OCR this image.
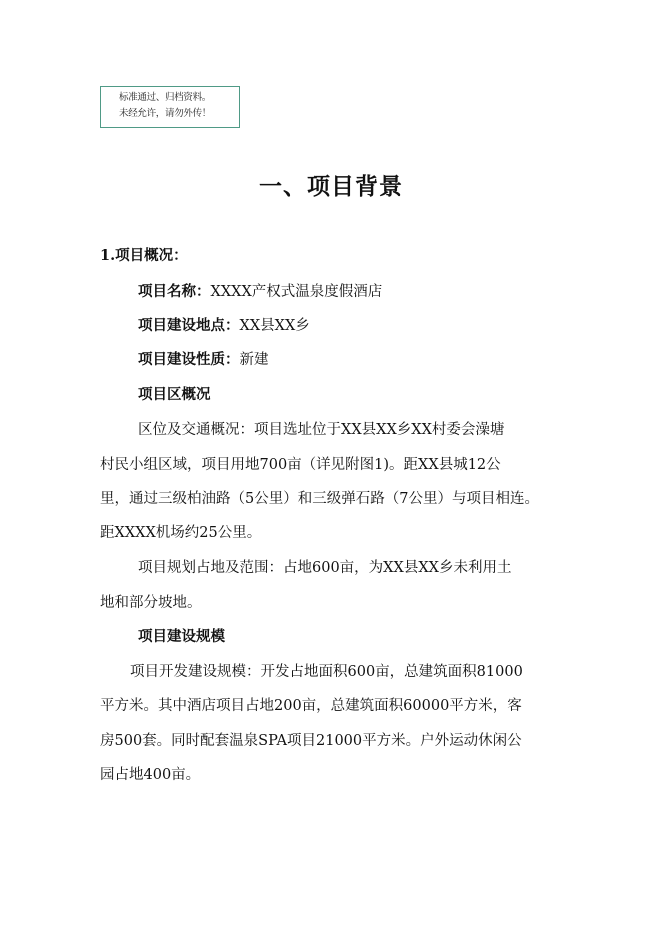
标准通过、归档资料。
未经允许，请勿外传！
一、项目背景
1.项目概况：
项目名称：XXXX产权式温泉度假酒店
项目建设地点：XX县XX乡
项目建设性质：新建
项目区概况
区位及交通概况：项目选址位于XX县XX乡XX村委会澡塘
村民小组区域，项目用地700亩（详见附图1)。距XX县城12公
里，通过三级柏油路（5公里）和三级弹石路（7公里）与项目相连。
距XXXX机场约25公里。
项目规划占地及范围：占地600亩，为XX县XX乡未利用土
地和部分坡地。
项目建设规模
项目开发建设规模：开发占地面积600亩，总建筑面积81000
平方米。其中酒店项目占地200亩，总建筑面积60000平方米，客
房500套。同时配套温泉SPA项目21000平方米。户外运动休闲公
园占地400亩。
